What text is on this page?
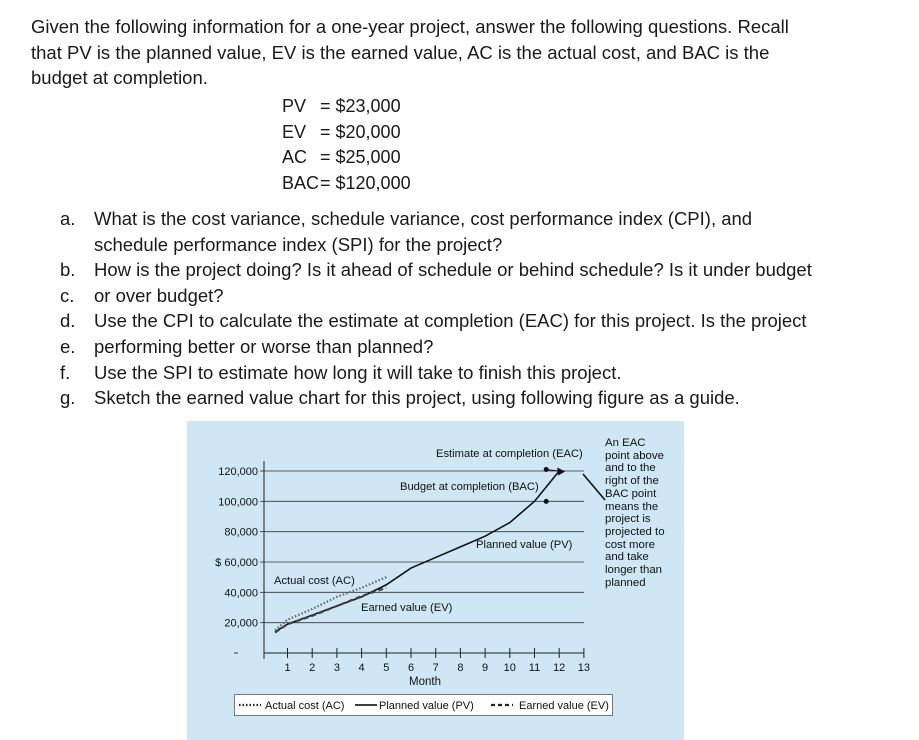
Given the following information for a one-year project, answer the following questions. Recall
that PV is the planned value, EV is the earned value, AC is the actual cost, and BAC is the
budget at completion.
PV = $23,000
EV = $20,000
AC = $25,000
BAC= $120,000
a.	What is the cost variance, schedule variance, cost performance index (CPI), and
schedule performance index (SPI) for the project?
b.	How is the project doing? Is it ahead of schedule or behind schedule? Is it under budget
c.	or over budget?
d.	Use the CPI to calculate the estimate at completion (EAC) for this project. Is the project
e.	performing better or worse than planned?
f.	Use the SPI to estimate how long it will take to finish this project.
g.	Sketch the earned value chart for this project, using following figure as a guide.
120,000
100,000
80,000
$ 60,000
40,000
20,000
1 2 3 4 5 6 7 8 9 10 11 12 13
Month
Estimate at completion (EAC)
Budget at completion (BAC)
Planned value (PV)
Actual cost (AC)
Earned value (EV)
An EAC
point above
and to the
right of the
BAC point
means the
project is
projected to
cost more
and take
longer than
planned
Actual cost (AC)	Planned value (PV)	Earned value (EV)
